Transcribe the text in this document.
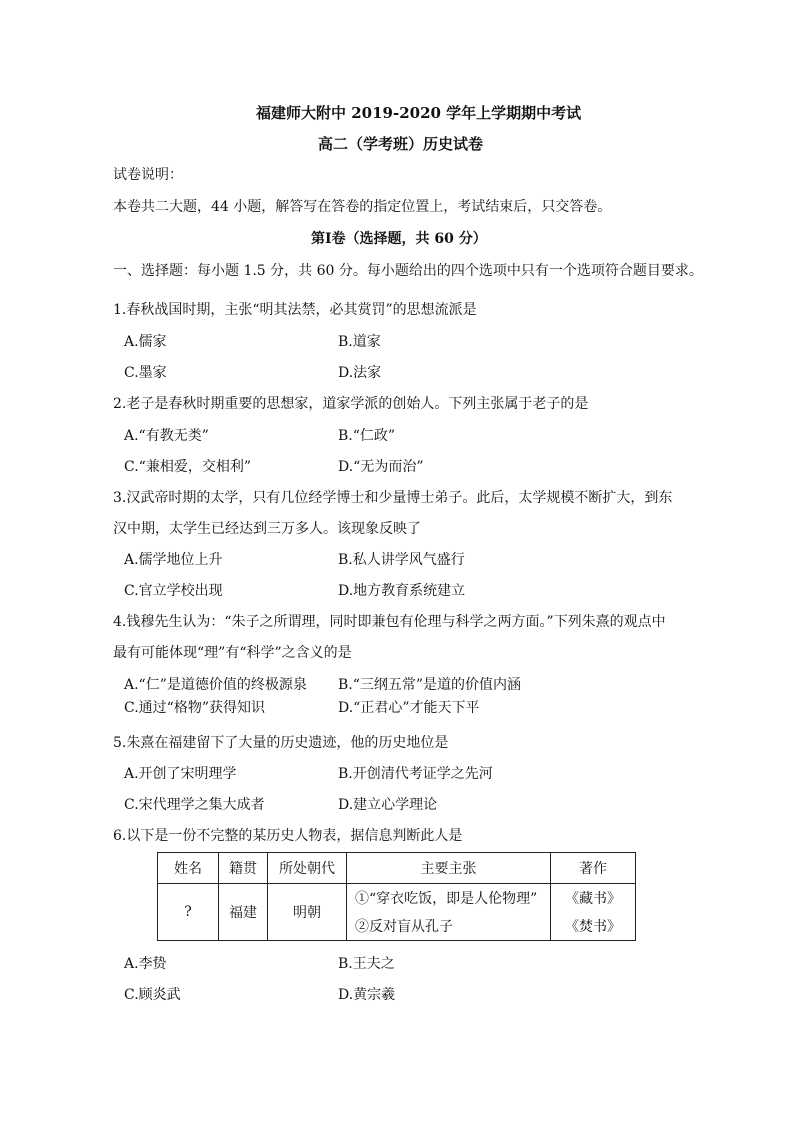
福建师大附中 2019-2020 学年上学期期中考试
高二（学考班）历史试卷
试卷说明：
本卷共二大题，44 小题，解答写在答卷的指定位置上，考试结束后，只交答卷。
第Ⅰ卷（选择题，共 60 分）
一、选择题：每小题 1.5 分，共 60 分。每小题给出的四个选项中只有一个选项符合题目要求。
1.春秋战国时期，主张“明其法禁，必其赏罚”的思想流派是
A.儒家	B.道家
C.墨家	D.法家
2.老子是春秋时期重要的思想家，道家学派的创始人。下列主张属于老子的是
A.“有教无类”	B.“仁政”
C.“兼相爱，交相利”	D.“无为而治”
3.汉武帝时期的太学，只有几位经学博士和少量博士弟子。此后，太学规模不断扩大，到东
汉中期，太学生已经达到三万多人。该现象反映了
A.儒学地位上升	B.私人讲学风气盛行
C.官立学校出现	D.地方教育系统建立
4.钱穆先生认为：“朱子之所谓理，同时即兼包有伦理与科学之两方面。”下列朱熹的观点中
最有可能体现“理”有“科学”之含义的是
A.“仁”是道德价值的终极源泉 B.“三纲五常”是道的价值内涵
C.通过“格物”获得知识	D.“正君心”才能天下平
5.朱熹在福建留下了大量的历史遗迹，他的历史地位是
A.开创了宋明理学	B.开创清代考证学之先河
C.宋代理学之集大成者	D.建立心学理论
6.以下是一份不完整的某历史人物表，据信息判断此人是
姓名	籍贯	所处朝代	主要主张	著作
?	福建	明朝	①“穿衣吃饭，即是人伦物理”	《藏书》
			②反对盲从孔子	《焚书》
A.李贽	B.王夫之
C.顾炎武	D.黄宗羲
